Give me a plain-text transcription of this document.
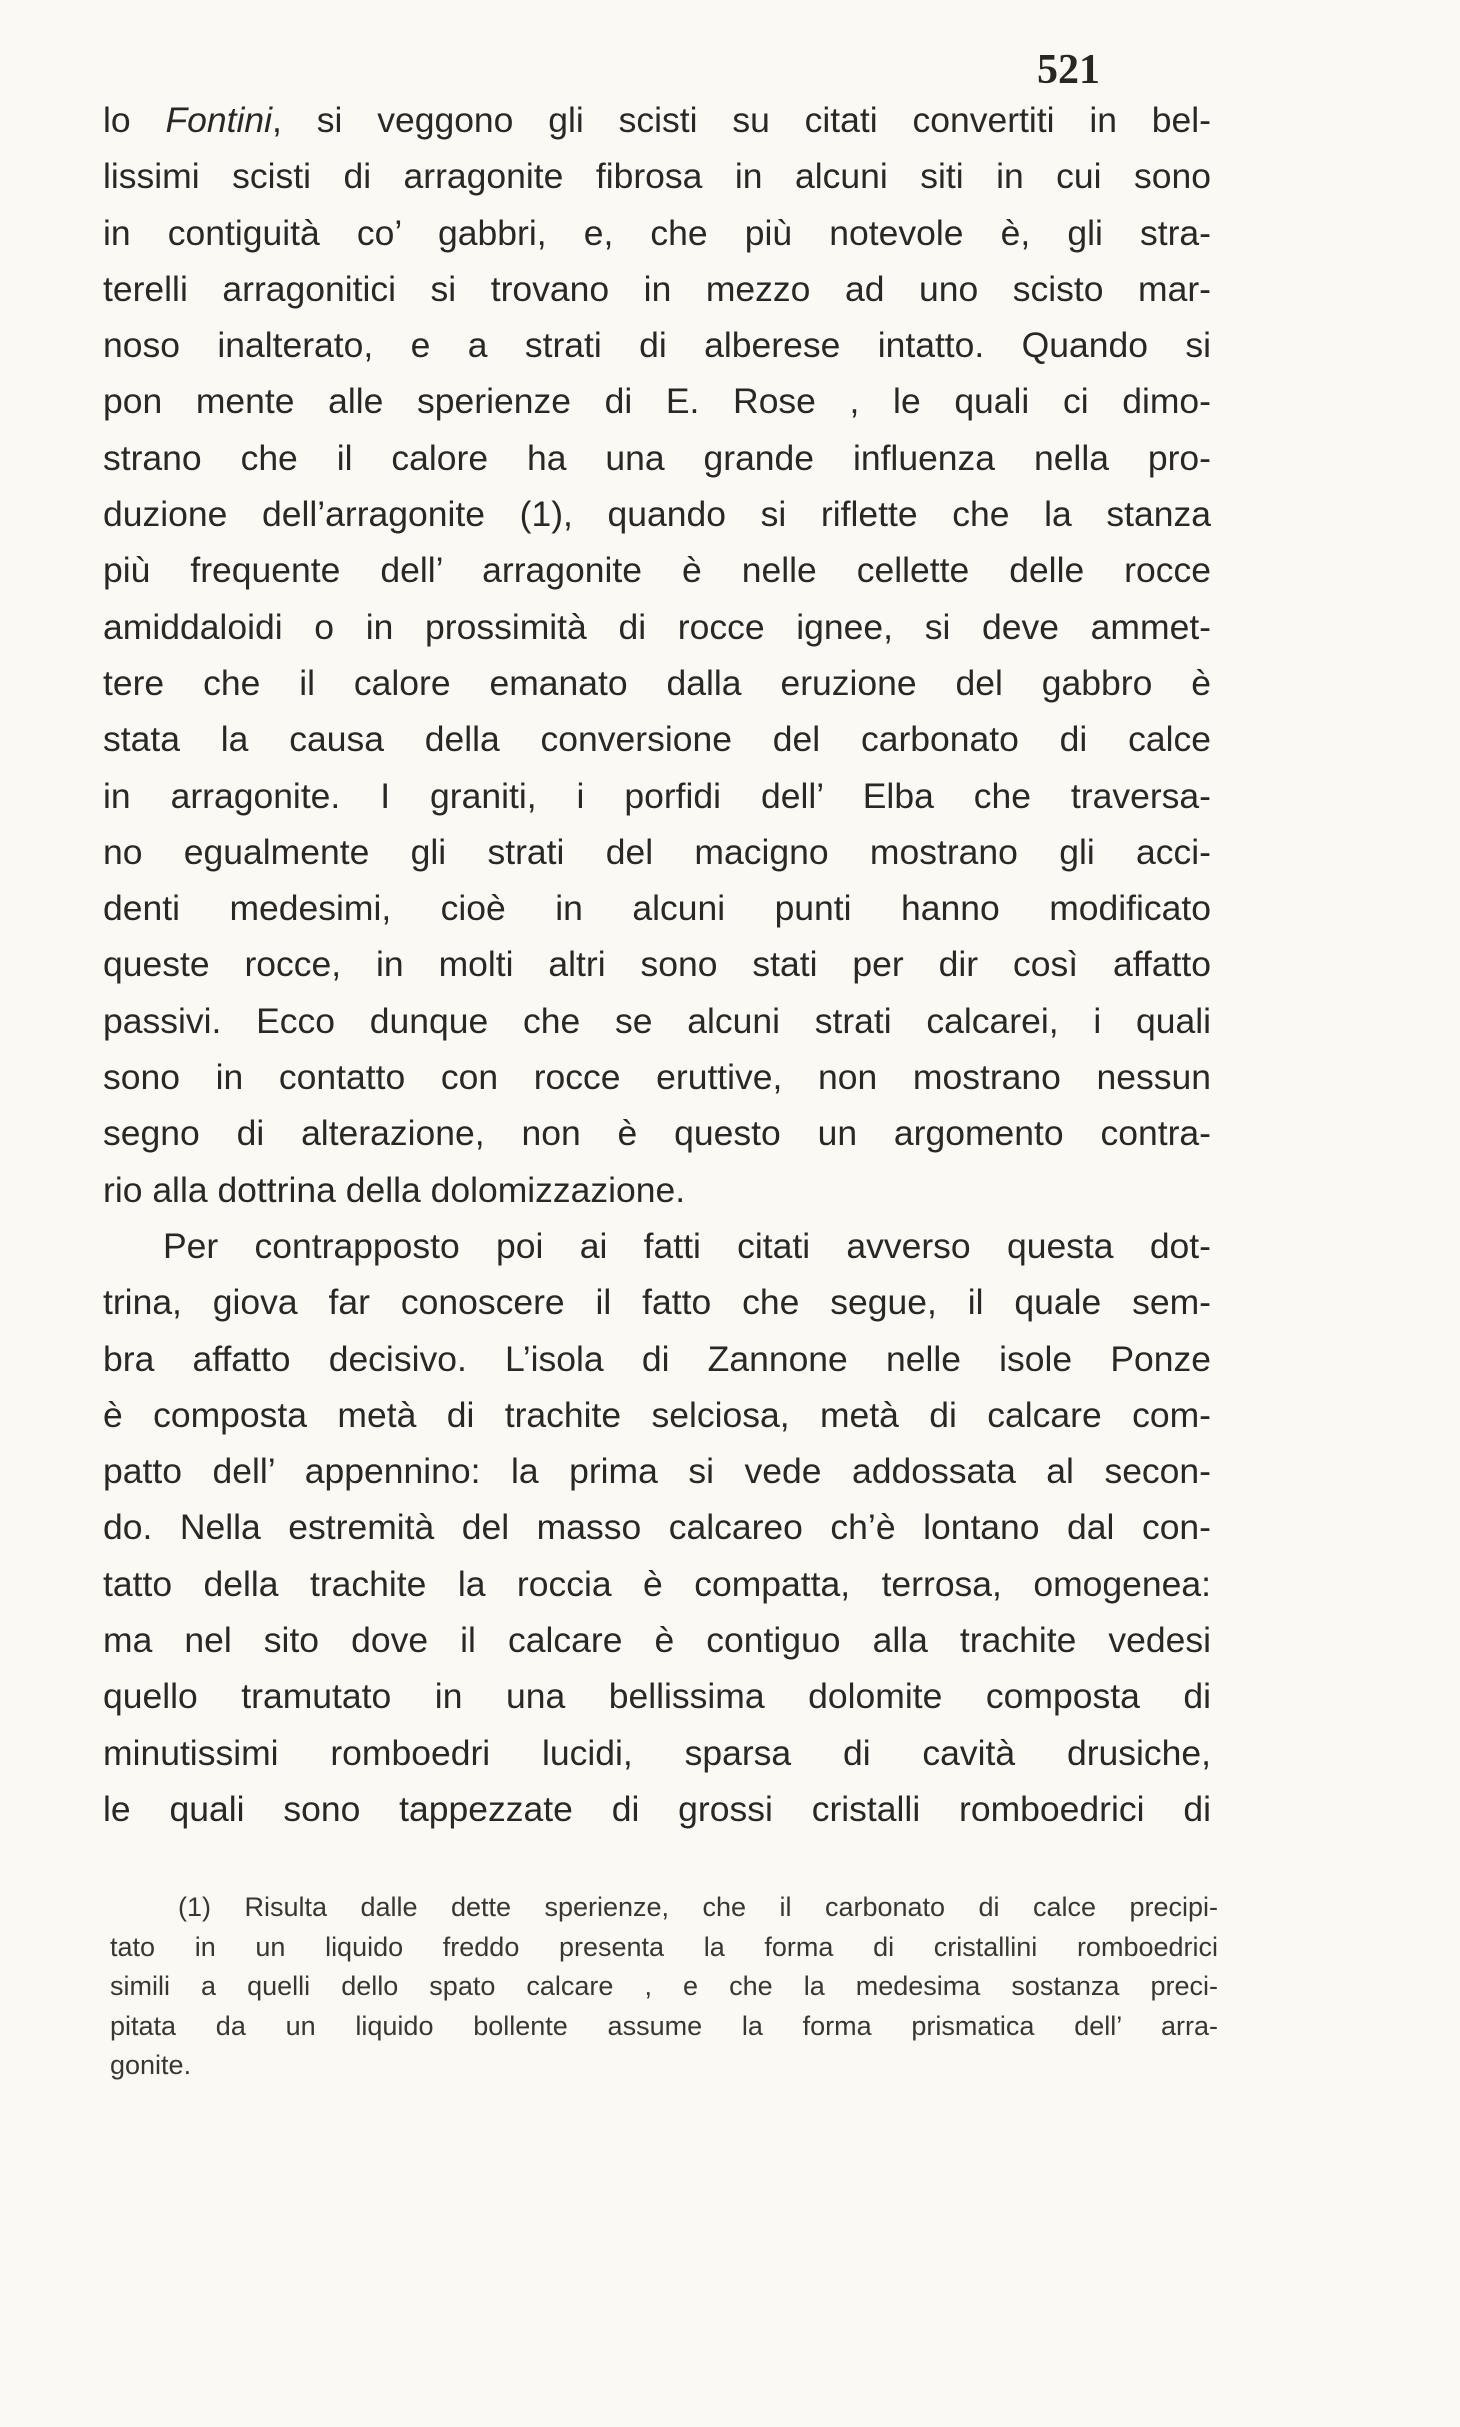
521
lo Fontini, si veggono gli scisti su citati convertiti in bel-
lissimi scisti di arragonite fibrosa in alcuni siti in cui sono
in contiguità co’ gabbri, e, che più notevole è, gli stra-
terelli arragonitici si trovano in mezzo ad uno scisto mar-
noso inalterato, e a strati di alberese intatto. Quando si
pon mente alle sperienze di E. Rose , le quali ci dimo-
strano che il calore ha una grande influenza nella pro-
duzione dell’arragonite (1), quando si riflette che la stanza
più frequente dell’ arragonite è nelle cellette delle rocce
amiddaloidi o in prossimità di rocce ignee, si deve ammet-
tere che il calore emanato dalla eruzione del gabbro è
stata la causa della conversione del carbonato di calce
in arragonite. I graniti, i porfidi dell’ Elba che traversa-
no egualmente gli strati del macigno mostrano gli acci-
denti medesimi, cioè in alcuni punti hanno modificato
queste rocce, in molti altri sono stati per dir così affatto
passivi. Ecco dunque che se alcuni strati calcarei, i quali
sono in contatto con rocce eruttive, non mostrano nessun
segno di alterazione, non è questo un argomento contra-
rio alla dottrina della dolomizzazione.
Per contrapposto poi ai fatti citati avverso questa dot-
trina, giova far conoscere il fatto che segue, il quale sem-
bra affatto decisivo. L’isola di Zannone nelle isole Ponze
è composta metà di trachite selciosa, metà di calcare com-
patto dell’ appennino: la prima si vede addossata al secon-
do. Nella estremità del masso calcareo ch’è lontano dal con-
tatto della trachite la roccia è compatta, terrosa, omogenea:
ma nel sito dove il calcare è contiguo alla trachite vedesi
quello tramutato in una bellissima dolomite composta di
minutissimi romboedri lucidi, sparsa di cavità drusiche,
le quali sono tappezzate di grossi cristalli romboedrici di
(1) Risulta dalle dette sperienze, che il carbonato di calce precipi-
tato in un liquido freddo presenta la forma di cristallini romboedrici
simili a quelli dello spato calcare , e che la medesima sostanza preci-
pitata da un liquido bollente assume la forma prismatica dell’ arra-
gonite.
